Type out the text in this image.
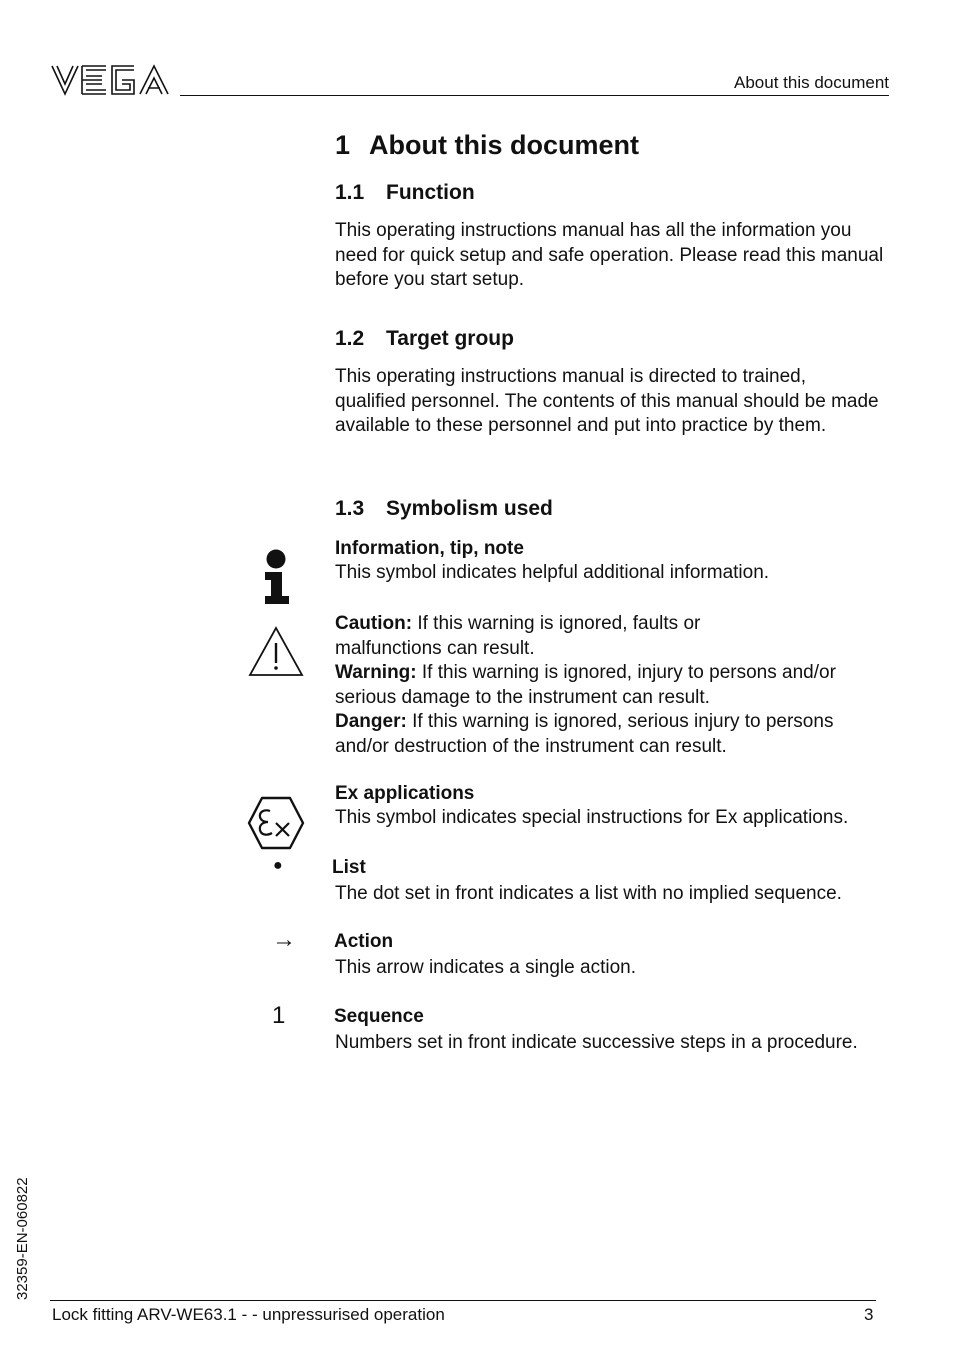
About this document
1 About this document
1.1 Function
This operating instructions manual has all the information you need for quick setup and safe operation. Please read this manual before you start setup.
1.2 Target group
This operating instructions manual is directed to trained, qualified personnel. The contents of this manual should be made available to these personnel and put into practice by them.
1.3 Symbolism used
Information, tip, note
This symbol indicates helpful additional information.
Caution: If this warning is ignored, faults or
malfunctions can result.
Warning: If this warning is ignored, injury to persons and/or
serious damage to the instrument can result.
Danger: If this warning is ignored, serious injury to persons
and/or destruction of the instrument can result.
Ex applications
This symbol indicates special instructions for Ex applications.
●	List
The dot set in front indicates a list with no implied sequence.
→ Action
This arrow indicates a single action.
1	Sequence
Numbers set in front indicate successive steps in a procedure.
32359-EN-060822
Lock fitting ARV-WE63.1 - - unpressurised operation	3
